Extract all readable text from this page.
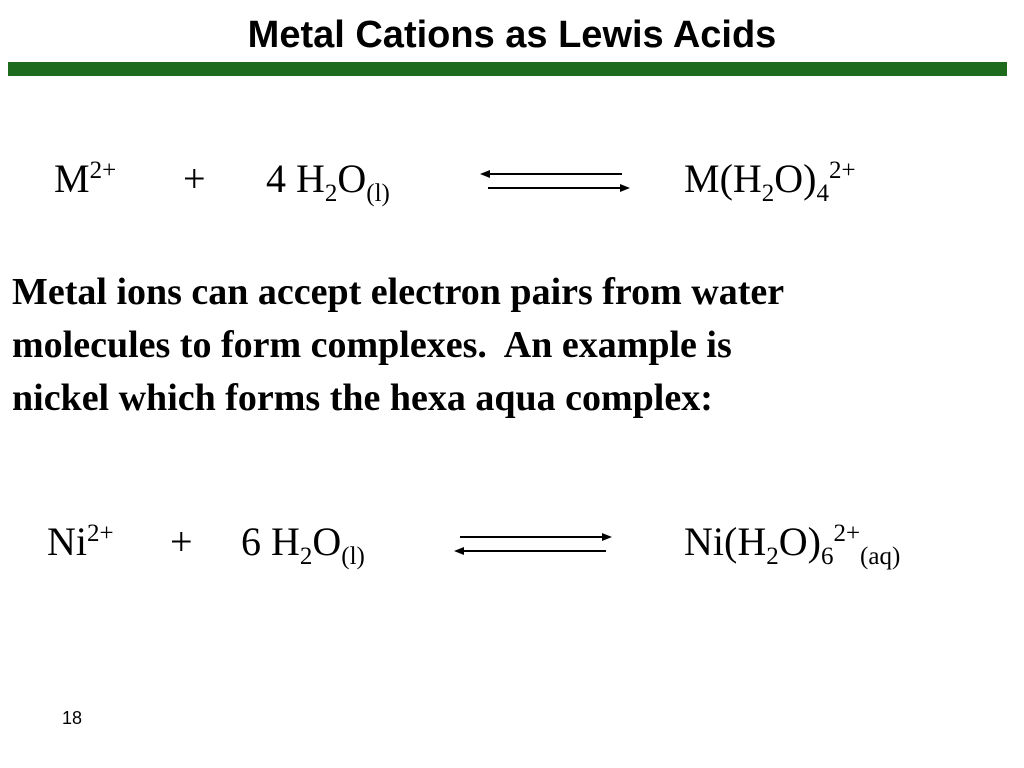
Metal Cations as Lewis Acids
$M^{2+} + 4$ $H_2O_{(l)}$	$M(H_2O)_4^{2+}$

Metal ions can accept electron pairs from water
molecules to form complexes.  An example is
nickel which forms the hexa aqua complex:

$Ni^{2+} + 6$ $H_2O_{(l)}$	$Ni(H_2O)_6^{2+}_{(aq)}$
18
